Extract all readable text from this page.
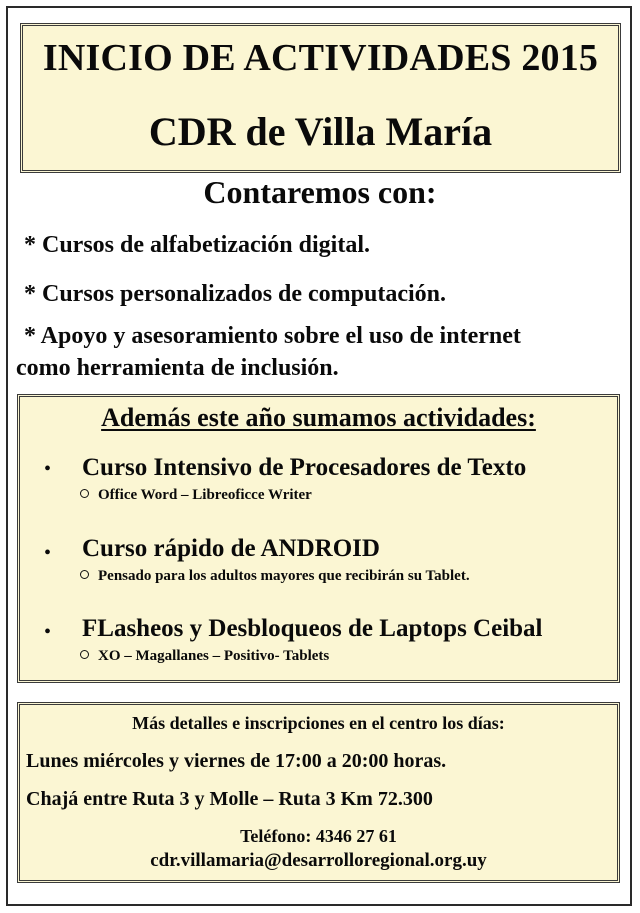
INICIO DE ACTIVIDADES 2015
CDR de Villa María
Contaremos con:
* Cursos de alfabetización digital.
* Cursos personalizados de computación.
* Apoyo y asesoramiento sobre el uso de internet
como herramienta de inclusión.
Además este año sumamos actividades:
• Curso Intensivo de Procesadores de Texto
Office Word – Libreoficce Writer
• Curso rápido de ANDROID
Pensado para los adultos mayores que recibirán su Tablet.
• FLasheos y Desbloqueos de Laptops Ceibal
XO – Magallanes – Positivo- Tablets
Más detalles e inscripciones en el centro los días:
Lunes miércoles y viernes de 17:00 a 20:00 horas.
Chajá entre Ruta 3 y Molle – Ruta 3 Km 72.300
Teléfono: 4346 27 61
cdr.villamaria@desarrolloregional.org.uy
